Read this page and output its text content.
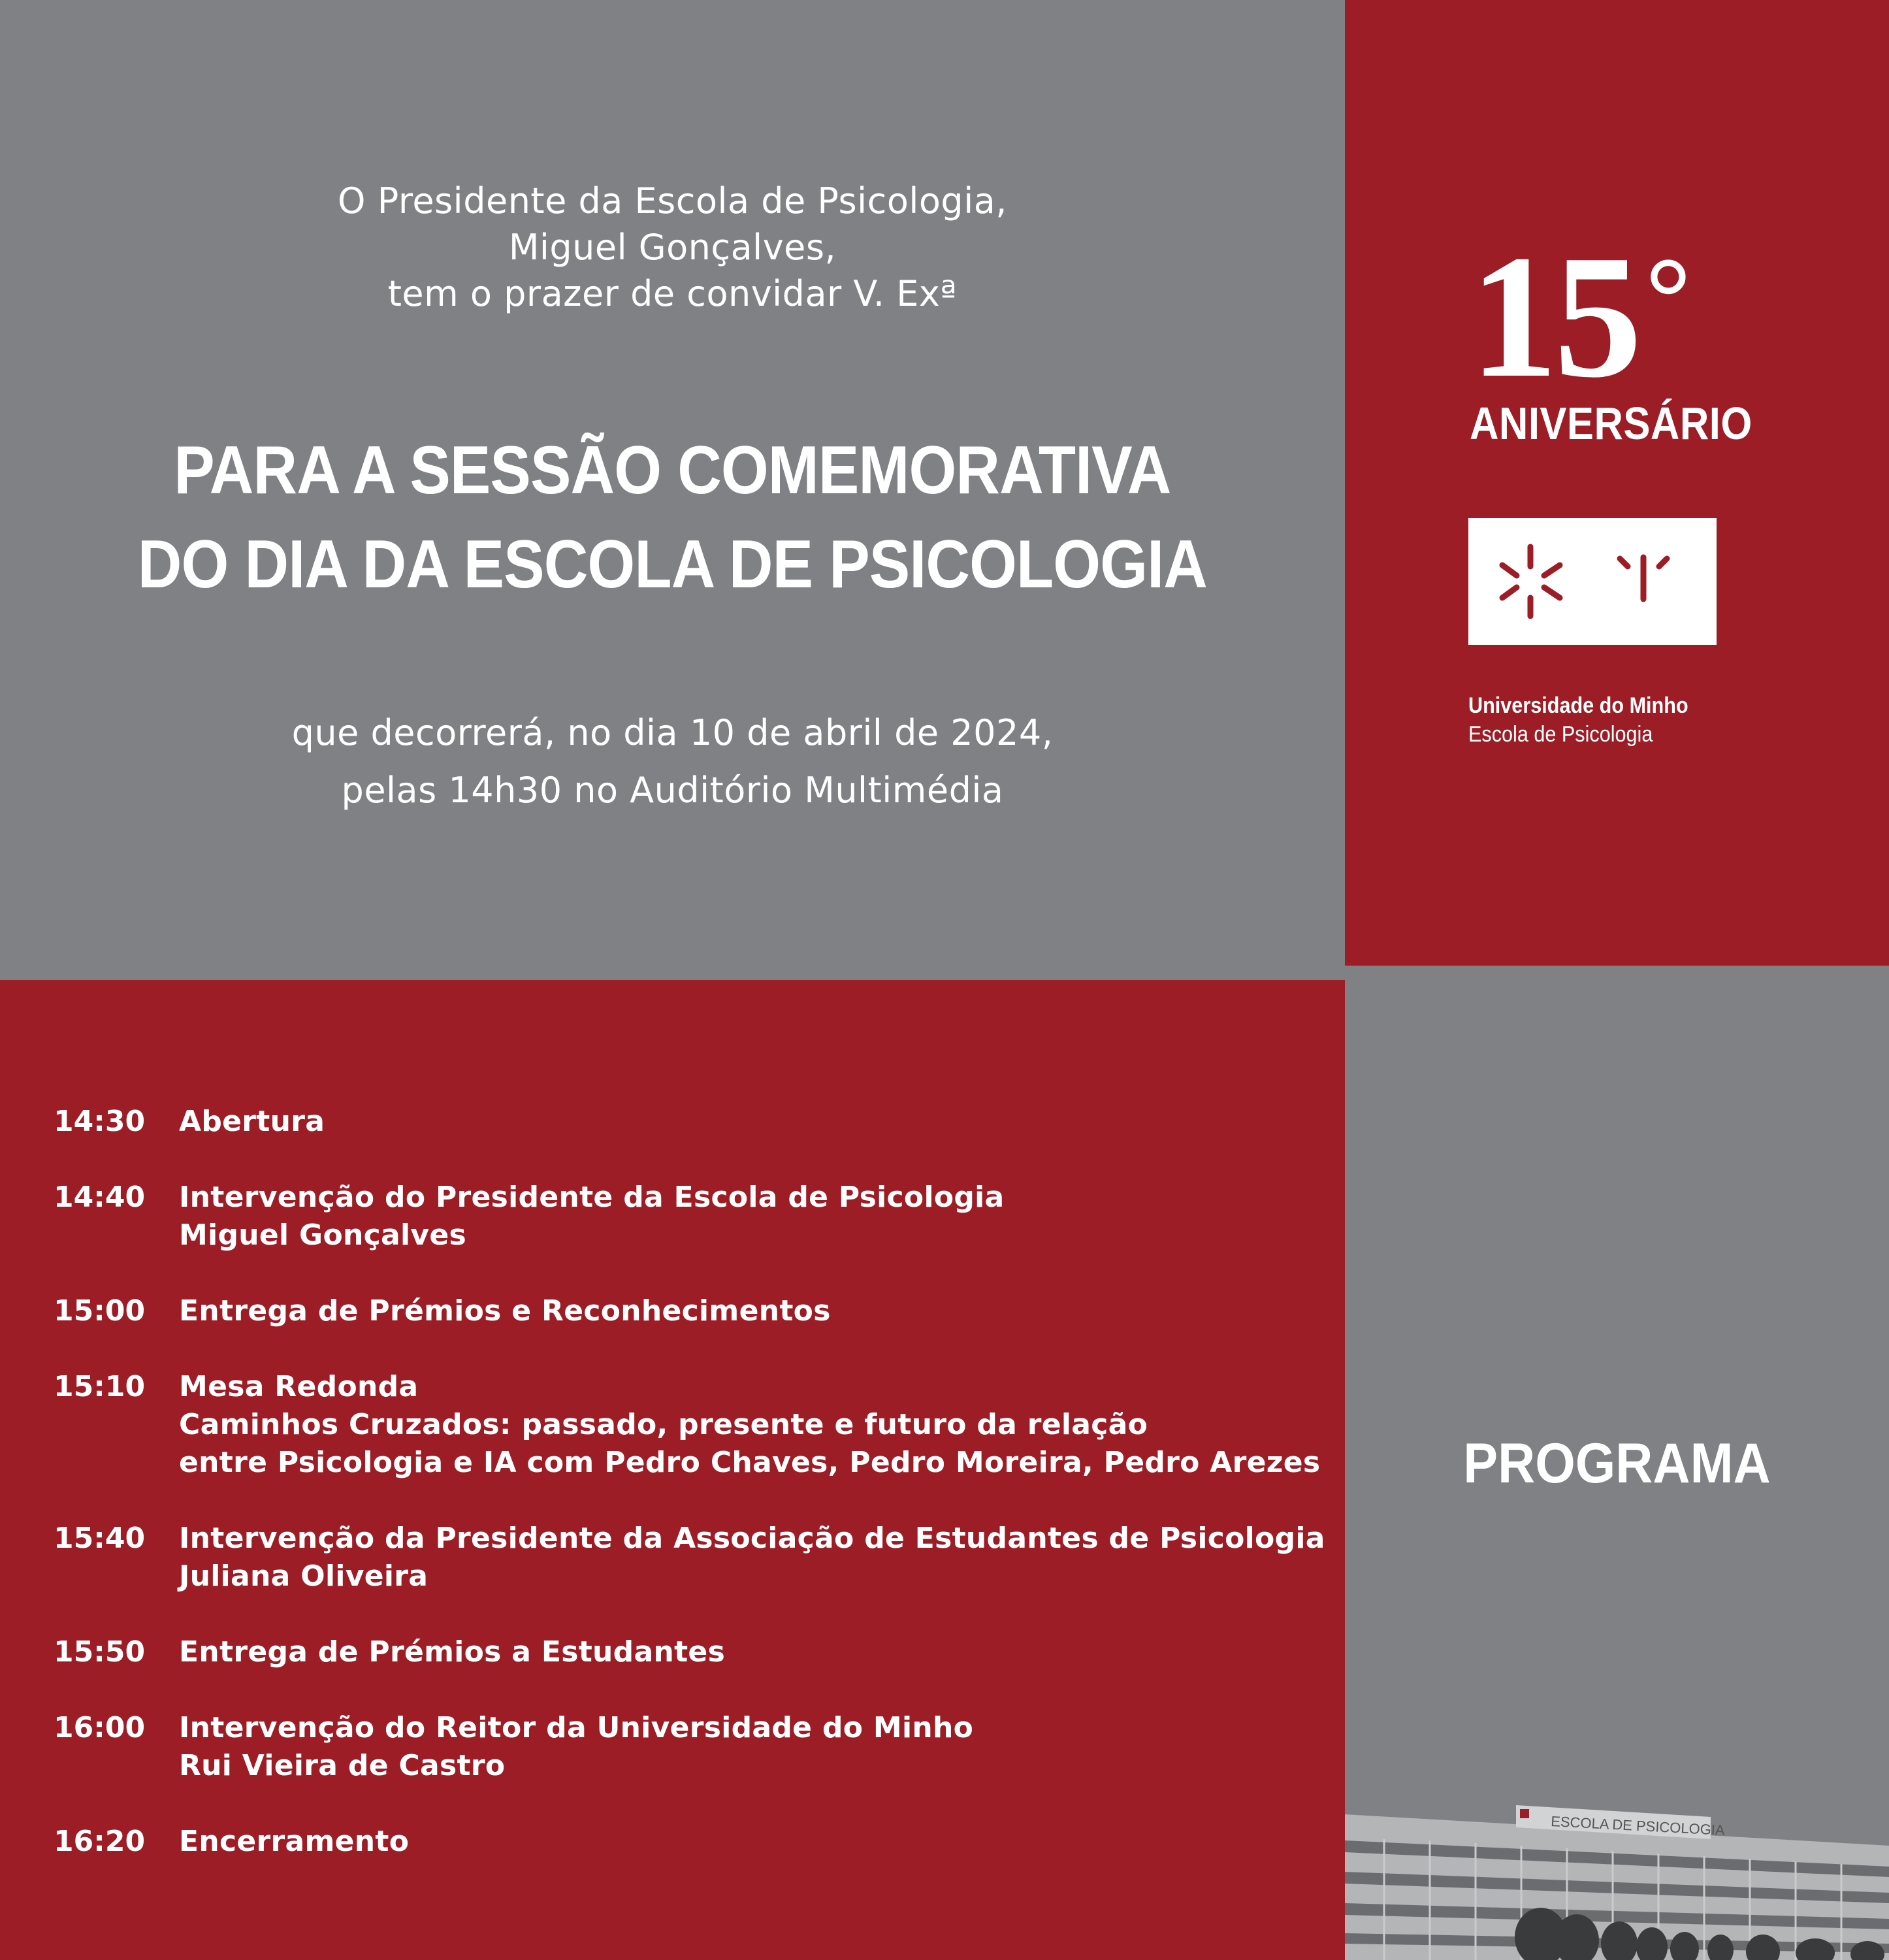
O Presidente da Escola de Psicologia,
Miguel Gonçalves,
tem o prazer de convidar V. Exª
PARA A SESSÃO COMEMORATIVA
DO DIA DA ESCOLA DE PSICOLOGIA
que decorrerá, no dia 10 de abril de 2024,
pelas 14h30 no Auditório Multimédia
15°
ANIVERSÁRIO
Universidade do Minho
Escola de Psicologia
PROGRAMA
14:30	Abertura
14:40	Intervenção do Presidente da Escola de Psicologia
Miguel Gonçalves
15:00	Entrega de Prémios e Reconhecimentos
15:10	Mesa Redonda
Caminhos Cruzados: passado, presente e futuro da relação
entre Psicologia e IA com Pedro Chaves, Pedro Moreira, Pedro Arezes
15:40	Intervenção da Presidente da Associação de Estudantes de Psicologia
Juliana Oliveira
15:50	Entrega de Prémios a Estudantes
16:00	Intervenção do Reitor da Universidade do Minho
Rui Vieira de Castro
16:20	Encerramento	ESCOLA DE PSICOLOGIA
